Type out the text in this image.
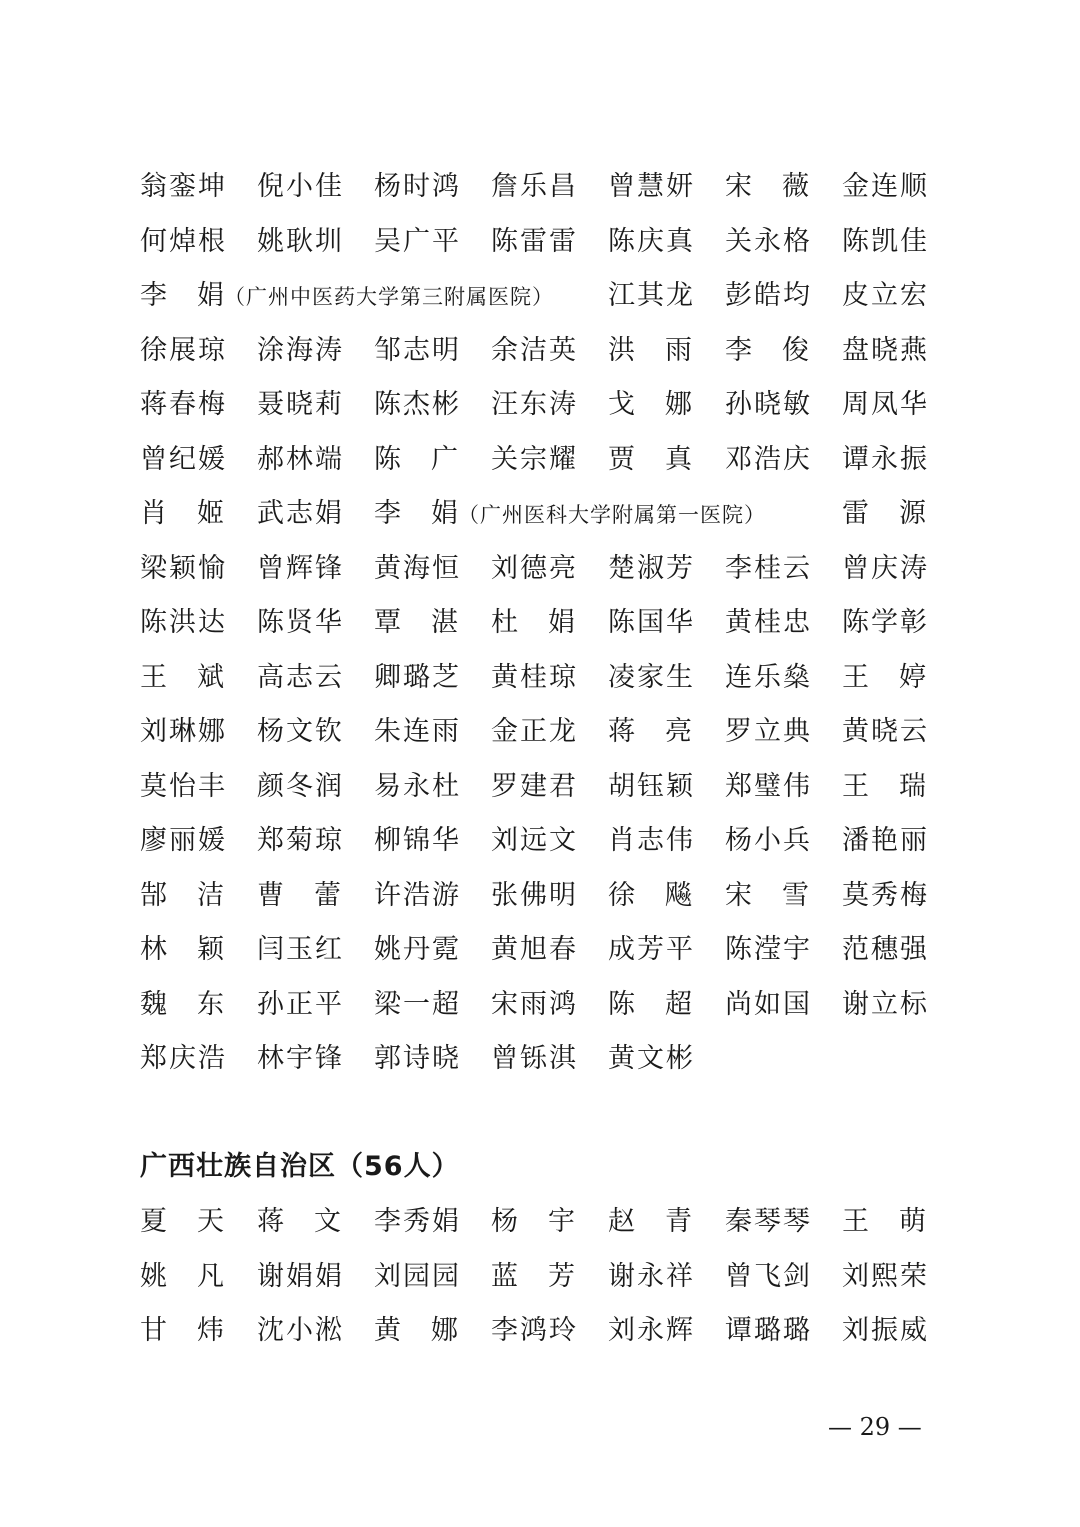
翁銮坤 倪小佳 杨时鸿 詹乐昌 曾慧妍 宋 薇 金连顺
何焯根 姚耿圳 吴广平 陈雷雷 陈庆真 关永格 陈凯佳
李 娟 （广州中医药大学第三附属医院） 江其龙 彭皓均 皮立宏
徐展琼 涂海涛 邹志明 余洁英 洪 雨 李 俊 盘晓燕
蒋春梅 聂晓莉 陈杰彬 汪东涛 戈 娜 孙晓敏 周凤华
曾纪媛 郝林端 陈 广 关宗耀 贾 真 邓浩庆 谭永振
肖 姬 武志娟 李 娟 （广州医科大学附属第一医院）	雷 源
梁颖愉 曾辉锋 黄海恒 刘德亮 楚淑芳 李桂云 曾庆涛
陈洪达 陈贤华 覃 湛 杜 娟 陈国华 黄桂忠 陈学彰
王 斌 高志云 卿璐芝 黄桂琼 凌家生 连乐燊 王 婷
刘琳娜 杨文钦 朱连雨 金正龙 蒋 亮 罗立典 黄晓云
莫怡丰 颜冬润 易永杜 罗建君 胡钰颖 郑璧伟 王 瑞
廖丽媛 郑菊琼 柳锦华 刘远文 肖志伟 杨小兵 潘艳丽
郜 洁 曹 蕾 许浩游 张佛明 徐 飚 宋 雪 莫秀梅
林 颖 闫玉红 姚丹霓 黄旭春 成芳平 陈滢宇 范穗强
魏 东 孙正平 梁一超 宋雨鸿 陈 超 尚如国 谢立标
郑庆浩 林宇锋 郭诗晓 曾铄淇 黄文彬
广西壮族自治区（56人）
夏 天 蒋 文 李秀娟 杨 宇 赵 青 秦琴琴 王 萌
姚 凡 谢娟娟 刘园园 蓝 芳 谢永祥 曾飞剑 刘熙荣
甘 炜 沈小淞 黄 娜 李鸿玲 刘永辉 谭璐璐 刘振威
— 29 —
